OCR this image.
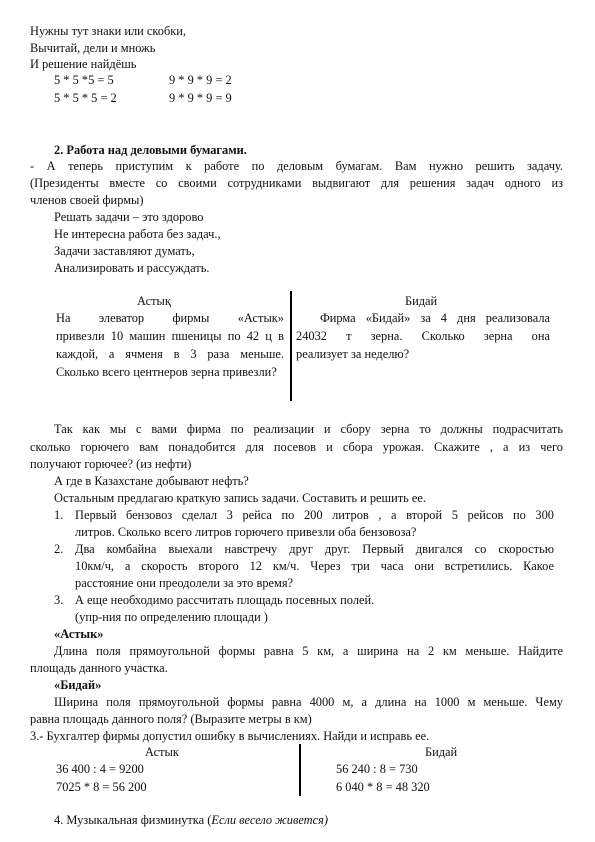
Нужны тут знаки или скобки,
Вычитай, дели и множь
И решение найдёшь
5 * 5 *5 = 5	9 * 9 * 9 = 2
5 * 5 * 5 = 2	9 * 9 * 9 = 9
2. Работа над деловыми бумагами.
- А теперь приступим к работе по деловым бумагам. Вам нужно решить задачу.
(Президенты вместе со своими сотрудниками выдвигают для решения задач одного из
членов своей фирмы)
Решать задачи – это здорово
Не интересна работа без задач.,
Задачи заставляют думать,
Анализировать и рассуждать.
Астық
На элеватор фирмы «Астык»
привезли 10 машин пшеницы по 42 ц в
каждой, а ячменя в 3 раза меньше.
Сколько всего центнеров зерна привезли?
Бидай
Фирма «Бидай» за 4 дня реализовала
24032 т зерна. Сколько зерна она
реализует за неделю?
Так как мы с вами фирма по реализации и сбору зерна то должны подрасчитать
сколько горючего вам понадобится для посевов и сбора урожая. Скажите , а из чего
получают горючее? (из нефти)
А где в Казахстане добывают нефть?
Остальным предлагаю краткую запись задачи. Составить и решить ее.
1. Первый бензовоз сделал 3 рейса по 200 литров , а второй 5 рейсов по 300
литров. Сколько всего литров горючего привезли оба бензовоза?
2. Два комбайна выехали навстречу друг друг. Первый двигался со скоростью
10км/ч, а скорость второго 12 км/ч. Через три часа они встретились. Какое
расстояние они преодолели за это время?
3. А еще необходимо рассчитать площадь посевных полей.
(упр-ния по определению площади )
«Астык»
Длина поля прямоугольной формы равна 5 км, а ширина на 2 км меньше. Найдите
площадь данного участка.
«Бидай»
Ширина поля прямоугольной формы равна 4000 м, а длина на 1000 м меньше. Чему
равна площадь данного поля? (Выразите метры в км)
3.- Бухгалтер фирмы допустил ошибку в вычислениях. Найди и исправь ее.
Астык
36 400 : 4 = 9200
7025 * 8 = 56 200
Бидай
56 240 : 8 = 730
6 040 * 8 = 48 320
4. Музыкальная физминутка (Если весело живется)
